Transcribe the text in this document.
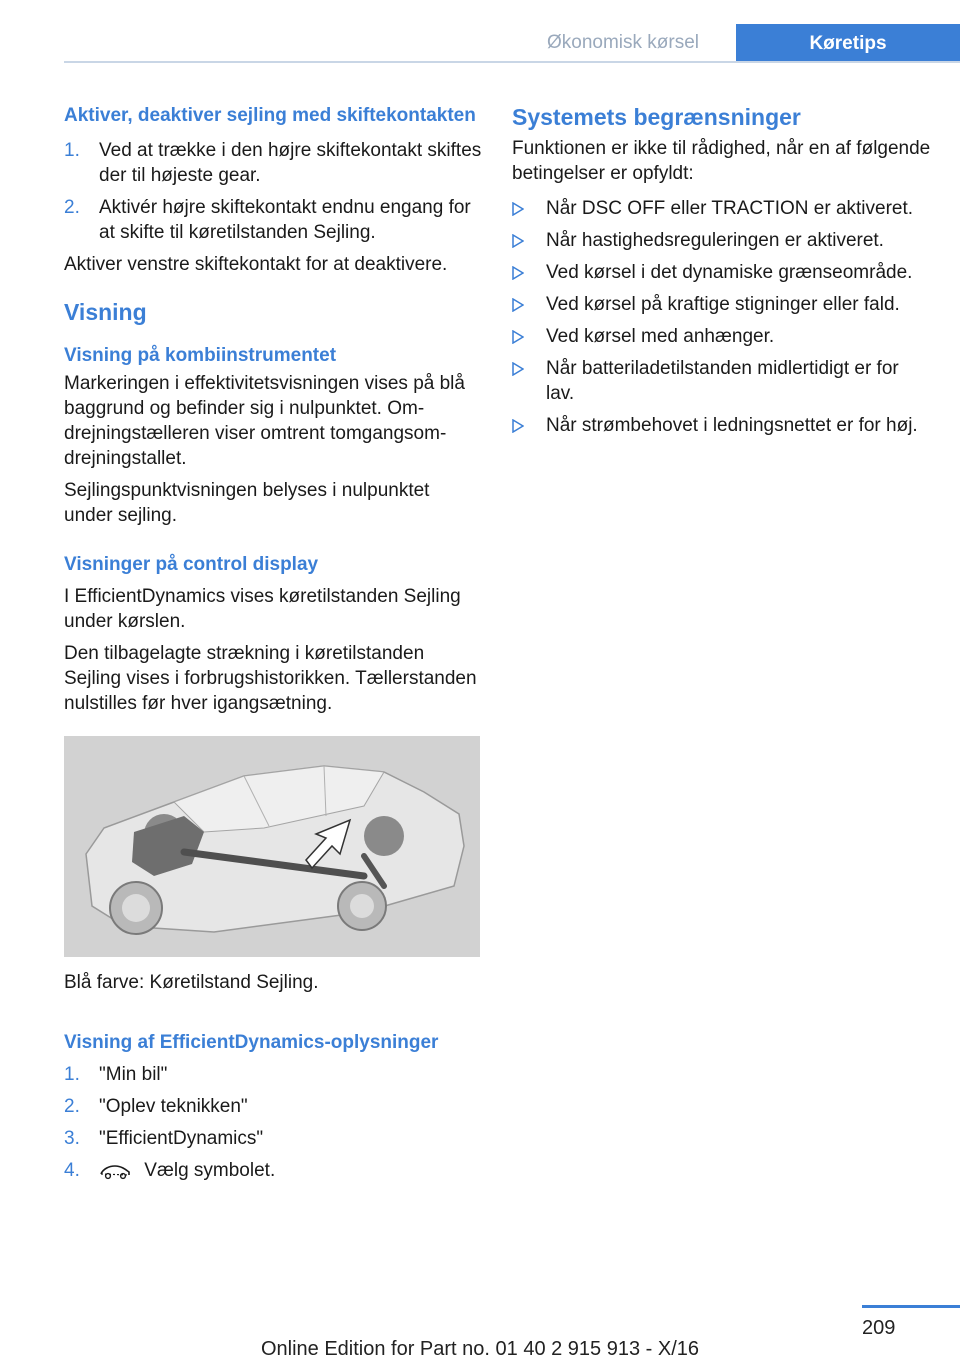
Økonomisk kørsel	Køretips
Aktiver, deaktiver sejling med skiftekontakten
1. Ved at trække i den højre skiftekontakt skiftes der til højeste gear.
2. Aktivér højre skiftekontakt endnu engang for at skifte til køretilstanden Sejling.

Aktiver venstre skiftekontakt for at deaktivere.

Visning
Visning på kombiinstrumentet

Markeringen i effektivitetsvisningen vises på blå baggrund og befinder sig i nulpunktet. Omdrejningstælleren viser omtrent tomgangsomdrejningstallet.

Sejlingspunktvisningen belyses i nulpunktet under sejling.

Visninger på control display

I EfficientDynamics vises køretilstanden Sejling under kørslen.

Den tilbagelagte strækning i køretilstanden Sejling vises i forbrugshistorikken. Tællerstanden nulstilles før hver igangsætning.

Blå farve: Køretilstand Sejling.

Visning af EfficientDynamics-oplysninger
1. "Min bil"
2. "Oplev teknikken"
3. "EfficientDynamics"
4.	Vælg symbolet.
Systemets begrænsninger

Funktionen er ikke til rådighed, når en af følgende betingelser er opfyldt:

Når DSC OFF eller TRACTION er aktiveret.
Når hastighedsreguleringen er aktiveret.
Ved kørsel i det dynamiske grænseområde.
Ved kørsel på kraftige stigninger eller fald.
Ved kørsel med anhænger.
Når batteriladetilstanden midlertidigt er for lav.
Når strømbehovet i ledningsnettet er for høj.
209
Online Edition for Part no. 01 40 2 915 913 - X/16
